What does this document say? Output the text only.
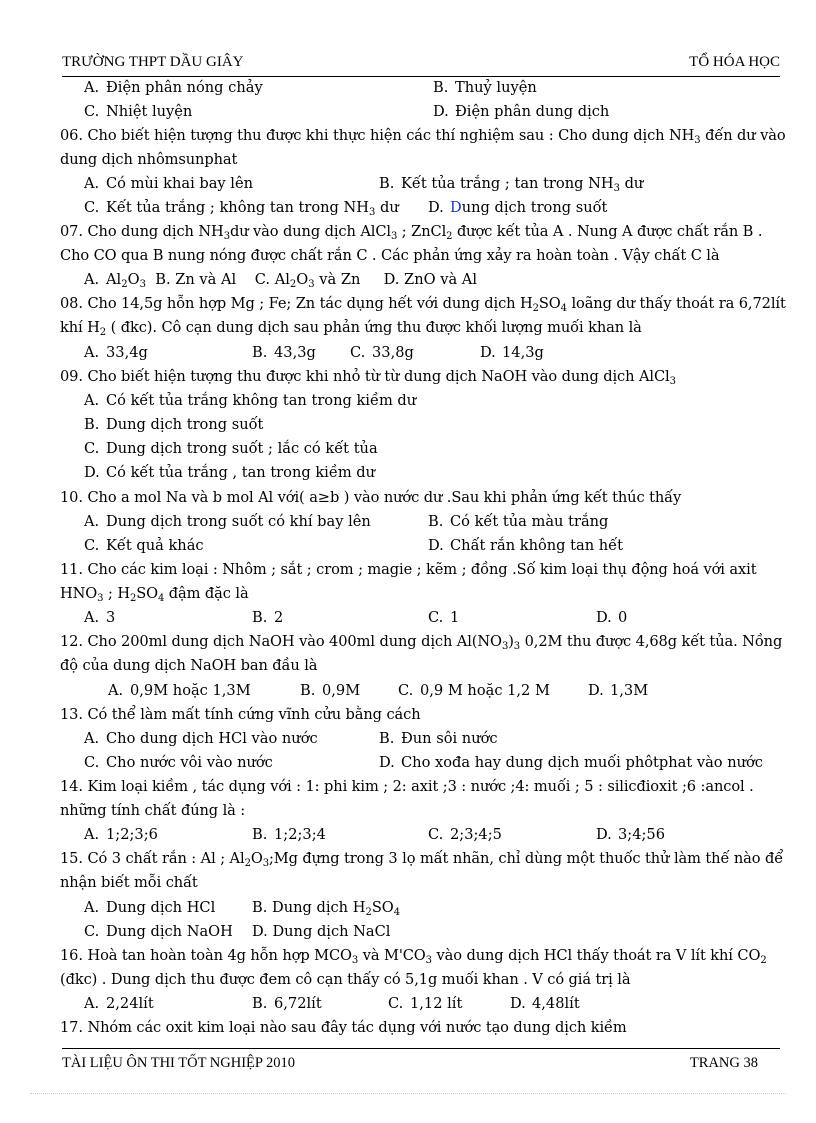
TRƯỜNG THPT DẦU GIÂY	TỔ HÓA HỌC
A. Điện phân nóng chảy	B. Thuỷ luyện
C. Nhiệt luyện	D. Điện phân dung dịch
06. Cho biết hiện tượng thu được khi thực hiện các thí nghiệm sau : Cho dung dịch $NH_3$ đến dư vào
dung dịch nhômsunphat
A. Có mùi khai bay lên	B. Kết tủa trắng ; tan trong $NH_3$ dư
C. Kết tủa trắng ; không tan trong $NH_3$ dư D. Dung dịch trong suốt
07. Cho dung dịch $NH_3dư$ vào dung dịch AlCl$_3$ ; ZnCl$_2$ được kết tủa A . Nung A được chất rắn B .
Cho CO qua B nung nóng được chất rắn C . Các phản ứng xảy ra hoàn toàn . Vậy chất C là
A. $Al_2O_3$ B. Zn và Al C. $Al_2O_3$ và Zn D. ZnO và Al
08. Cho 14,5g hỗn hợp Mg ; Fe; Zn tác dụng hết với dung dịch $H_2SO_4$ loãng dư thấy thoát ra 6,72lít
khí $H_2$ ( đkc). Cô cạn dung dịch sau phản ứng thu được khối lượng muối khan là
A. 33,4g	B. 43,3g C. 33,8g	D. 14,3g
09. Cho biết hiện tượng thu được khi nhỏ từ từ dung dịch NaOH vào dung dịch AlCl$_3$
A. Có kết tủa trắng không tan trong kiềm dư
B. Dung dịch trong suốt
C. Dung dịch trong suốt ; lắc có kết tủa
D. Có kết tủa trắng , tan trong kiềm dư
10. Cho a mol Na và b mol Al với( a≥b ) vào nước dư .Sau khi phản ứng kết thúc thấy
A. Dung dịch trong suốt có khí bay lên	B. Có kết tủa màu trắng
C. Kết quả khác	D. Chất rắn không tan hết
11. Cho các kim loại : Nhôm ; sắt ; crom ; magie ; kẽm ; đồng .Số kim loại thụ động hoá với axit
$HNO_3$ ; $H_2SO_4$ đậm đặc là
A. 3	B. 2	C. 1	D. 0
12. Cho 200ml dung dịch NaOH vào 400ml dung dịch $Al(NO_3)_3$ 0,2M thu được 4,68g kết tủa. Nồng
độ của dung dịch NaOH ban đầu là
A. 0,9M hoặc 1,3M	B. 0,9M	C. 0,9 M hoặc 1,2 M	D. 1,3M
13. Có thể làm mất tính cứng vĩnh cửu bằng cách
A. Cho dung dịch HCl vào nước	B. Đun sôi nước
C. Cho nước vôi vào nước	D. Cho xođa hay dung dịch muối phôtphat vào nước
14. Kim loại kiềm , tác dụng với : 1: phi kim ; 2: axit ;3 : nước ;4: muối ; 5 : silicđioxit ;6 :ancol .
những tính chất đúng là :
A. 1;2;3;6	B. 1;2;3;4	C. 2;3;4;5	D. 3;4;56
15. Có 3 chất rắn : Al ; $Al_2O_3;Mg$ đựng trong 3 lọ mất nhãn, chỉ dùng một thuốc thử làm thế nào để
nhận biết mỗi chất
A. Dung dịch HCl	B. Dung dịch $H_2SO_4$
C. Dung dịch NaOH D. Dung dịch NaCl
16. Hoà tan hoàn toàn 4g hỗn hợp $MCO_3$ và $M'CO_3$ vào dung dịch HCl thấy thoát ra V lít khí $CO_2$
(đkc) . Dung dịch thu được đem cô cạn thấy có 5,1g muối khan . V có giá trị là
A. 2,24lít	B. 6,72lít	C. 1,12 lít	D. 4,48lít
17. Nhóm các oxit kim loại nào sau đây tác dụng với nước tạo dung dịch kiềm
TÀI LIỆU ÔN THI TỐT NGHIỆP 2010	TRANG 38
